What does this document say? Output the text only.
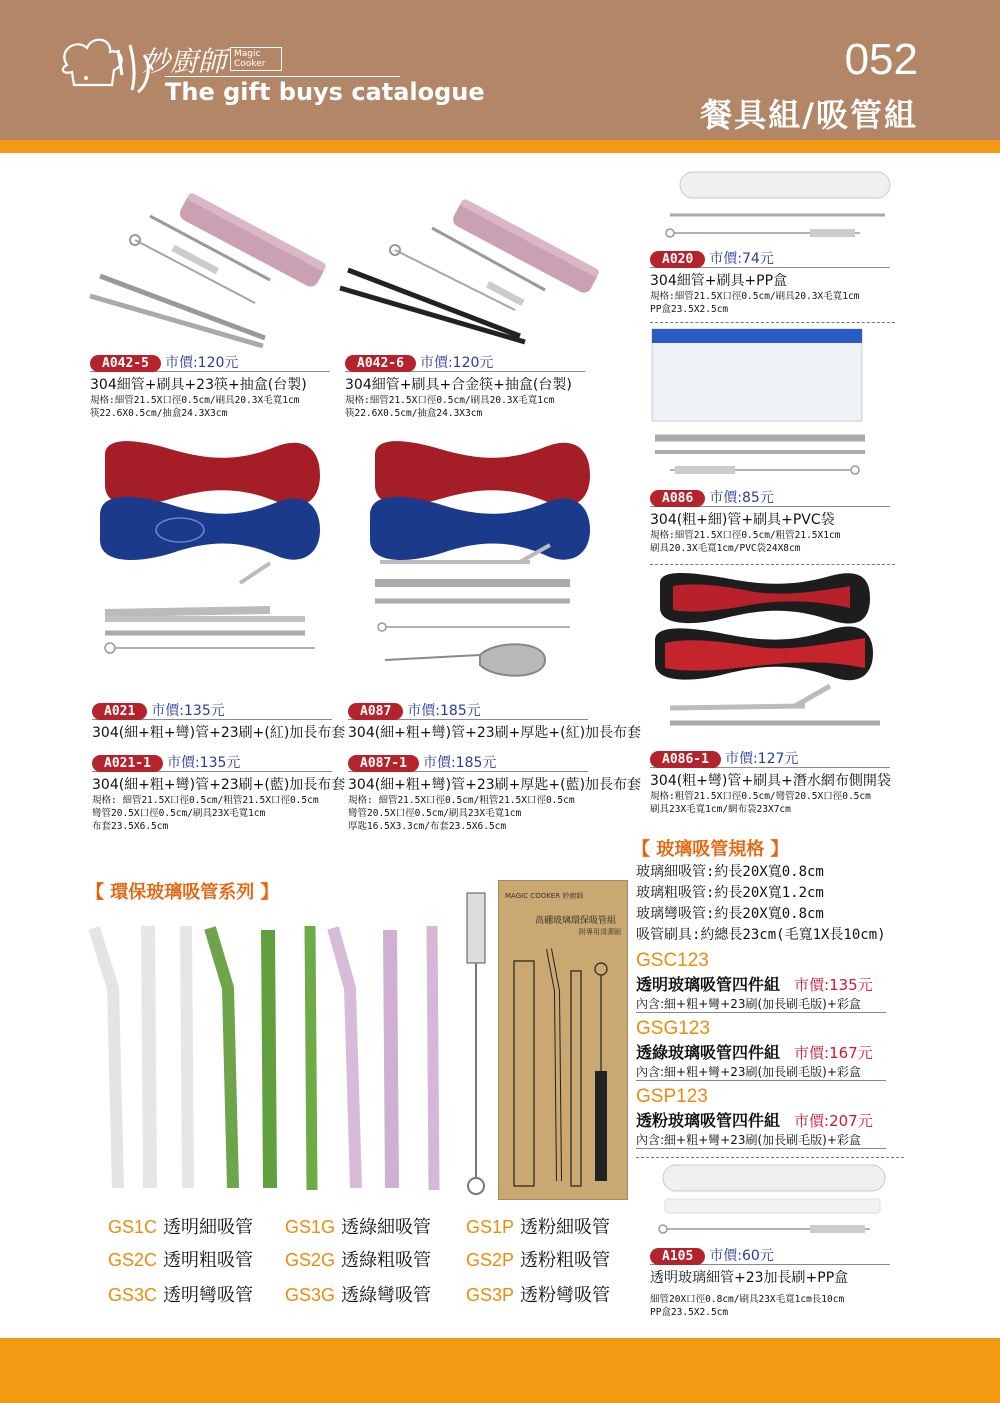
妙廚師 Magic Cooker
The gift buys catalogue
052
餐具組/吸管組
MAGIC COOKER 妙廚師
高硼玻璃環保吸管組
附專用清潔刷
A042-5 市價:120元
304細管+刷具+23筷+抽盒(台製)
規格:細管21.5X口徑0.5cm/刷具20.3X毛寬1cm
筷22.6X0.5cm/抽盒24.3X3cm
A042-6 市價:120元
304細管+刷具+合金筷+抽盒(台製)
規格:細管21.5X口徑0.5cm/刷具20.3X毛寬1cm
筷22.6X0.5cm/抽盒24.3X3cm
A021 市價:135元
304(細+粗+彎)管+23刷+(紅)加長布套
A021-1 市價:135元
304(細+粗+彎)管+23刷+(藍)加長布套
規格: 細管21.5X口徑0.5cm/粗管21.5X口徑0.5cm
彎管20.5X口徑0.5cm/刷具23X毛寬1cm
布套23.5X6.5cm
A087 市價:185元
304(細+粗+彎)管+23刷+厚匙+(紅)加長布套
A087-1 市價:185元
304(細+粗+彎)管+23刷+厚匙+(藍)加長布套
規格: 細管21.5X口徑0.5cm/粗管21.5X口徑0.5cm
彎管20.5X口徑0.5cm/刷具23X毛寬1cm
厚匙16.5X3.3cm/布套23.5X6.5cm
A020 市價:74元
304細管+刷具+PP盒
規格:細管21.5X口徑0.5cm/刷具20.3X毛寬1cm
PP盒23.5X2.5cm
A086 市價:85元
304(粗+細)管+刷具+PVC袋
規格:細管21.5X口徑0.5cm/粗管21.5X1cm
刷具20.3X毛寬1cm/PVC袋24X8cm
A086-1 市價:127元
304(粗+彎)管+刷具+潛水網布側開袋
規格:粗管21.5X口徑0.5cm/彎管20.5X口徑0.5cm
刷具23X毛寬1cm/網布袋23X7cm
【 玻璃吸管規格 】
玻璃細吸管:約長20X寬0.8cm
玻璃粗吸管:約長20X寬1.2cm
玻璃彎吸管:約長20X寬0.8cm
吸管刷具:約總長23cm(毛寬1X長10cm)
GSC123
透明玻璃吸管四件組 市價:135元
內含:細+粗+彎+23刷(加長刷毛版)+彩盒
GSG123
透綠玻璃吸管四件組 市價:167元
內含:細+粗+彎+23刷(加長刷毛版)+彩盒
GSP123
透粉玻璃吸管四件組 市價:207元
內含:細+粗+彎+23刷(加長刷毛版)+彩盒
A105 市價:60元
透明玻璃細管+23加長刷+PP盒
細管20X口徑0.8cm/刷具23X毛寬1cm長10cm
PP盒23.5X2.5cm
【 環保玻璃吸管系列 】
GS1C 透明細吸管
GS2C 透明粗吸管
GS3C 透明彎吸管
GS1G 透綠細吸管
GS2G 透綠粗吸管
GS3G 透綠彎吸管
GS1P 透粉細吸管
GS2P 透粉粗吸管
GS3P 透粉彎吸管
